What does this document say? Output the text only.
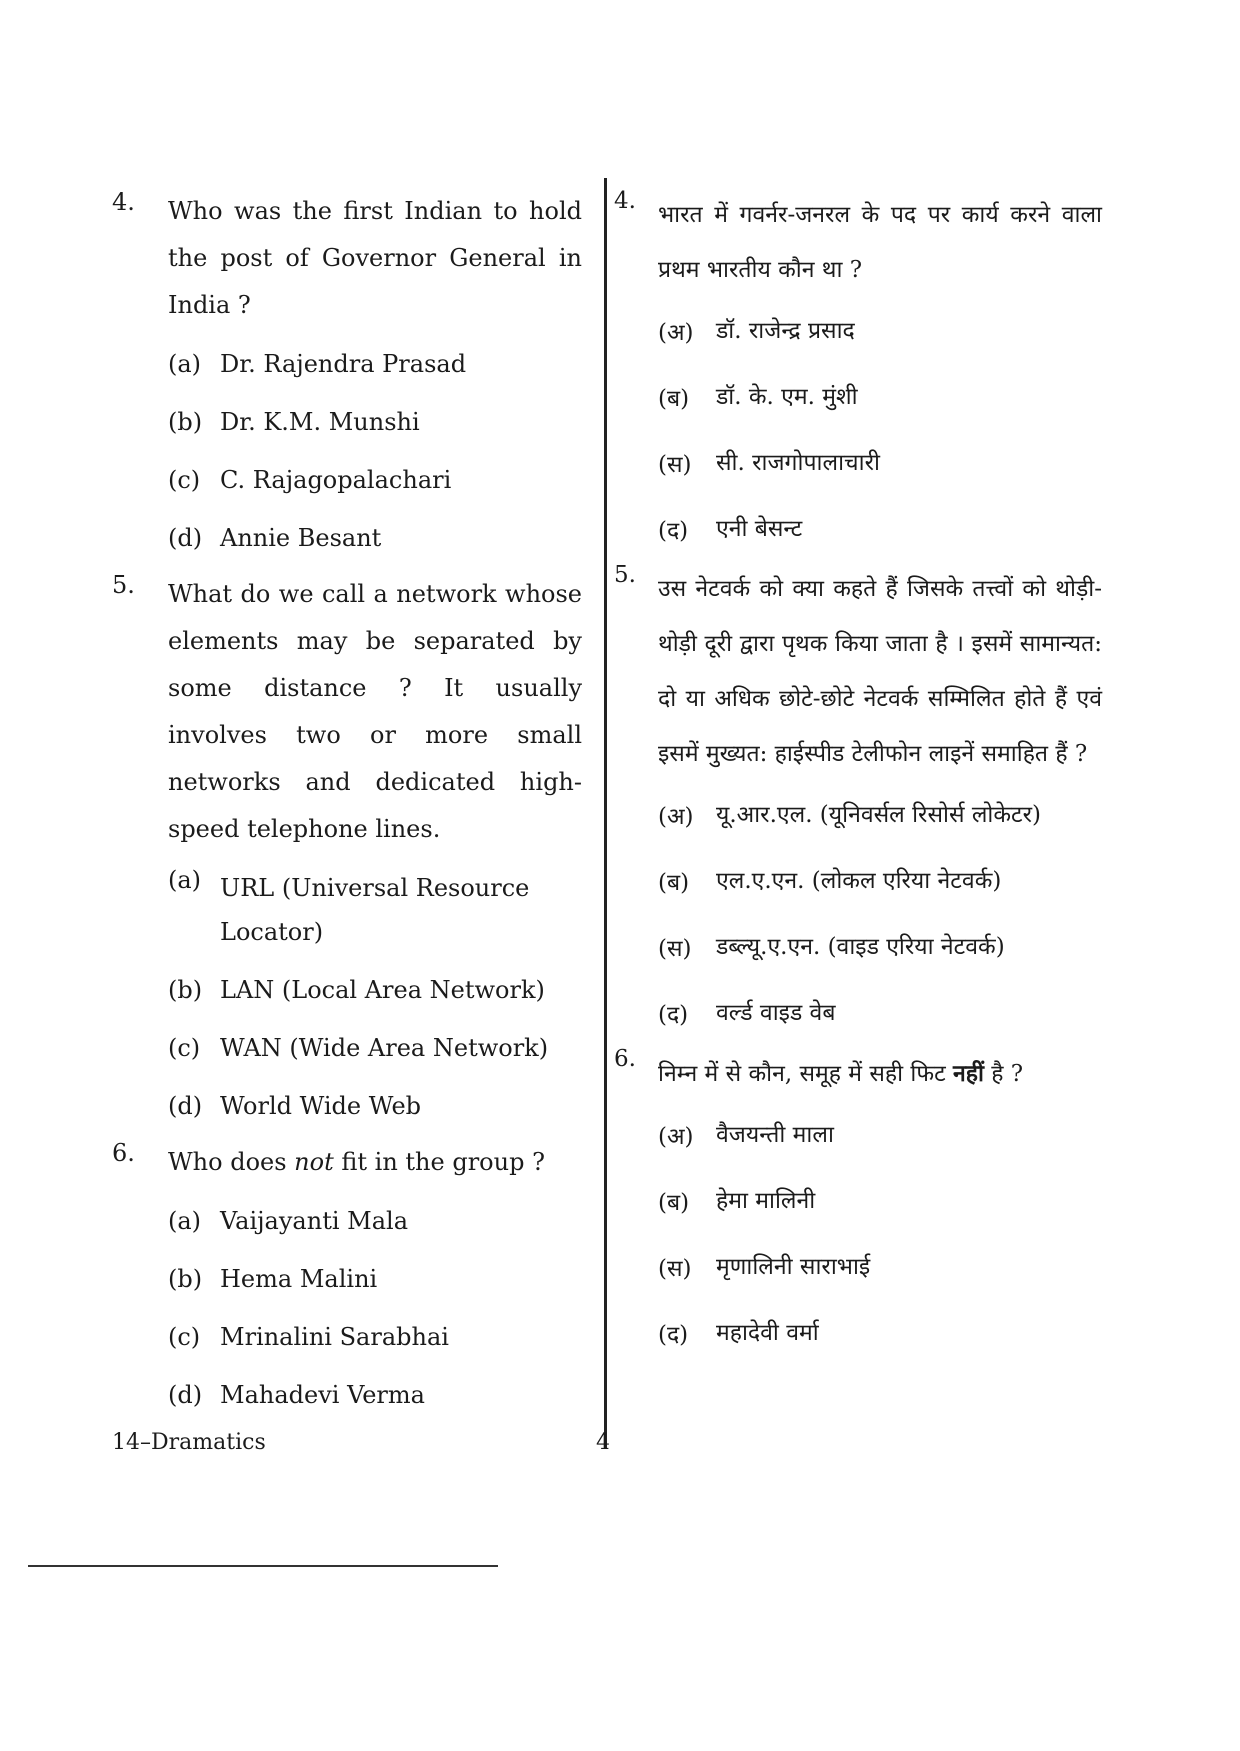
4.	Who was the first Indian to hold the post of Governor General in India ?
(a) Dr. Rajendra Prasad
(b) Dr. K.M. Munshi
(c) C. Rajagopalachari
(d) Annie Besant
5.	What do we call a network whose elements may be separated by some distance ? It usually involves two or more small networks and dedicated high-speed telephone lines.
(a) URL (Universal Resource Locator)
(b) LAN (Local Area Network)
(c) WAN (Wide Area Network)
(d) World Wide Web
6.	Who does not fit in the group ?
(a) Vaijayanti Mala
(b) Hema Malini
(c) Mrinalini Sarabhai
(d) Mahadevi Verma
4.
भारत में गवर्नर-जनरल के पद पर कार्य करने वाला प्रथम भारतीय कौन था ?
(अ) डॉ. राजेन्द्र प्रसाद
(ब)	डॉ. के. एम. मुंशी
(स)	सी. राजगोपालाचारी
(द)	एनी बेसन्ट
5.
उस नेटवर्क को क्या कहते हैं जिसके तत्त्वों को थोड़ी-थोड़ी दूरी द्वारा पृथक किया जाता है । इसमें सामान्यत: दो या अधिक छोटे-छोटे नेटवर्क सम्मिलित होते हैं एवं इसमें मुख्यत: हाईस्पीड टेलीफोन लाइनें समाहित हैं ?
(अ) यू.आर.एल. (यूनिवर्सल रिसोर्स लोकेटर)
(ब)	एल.ए.एन. (लोकल एरिया नेटवर्क)
(स)	डब्ल्यू.ए.एन. (वाइड एरिया नेटवर्क)
(द)	वर्ल्ड वाइड वेब
6.
निम्न में से कौन, समूह में सही फिट नहीं है ?
(अ) वैजयन्ती माला
(ब)	हेमा मालिनी
(स)	मृणालिनी साराभाई
(द)	महादेवी वर्मा
14–Dramatics	4
